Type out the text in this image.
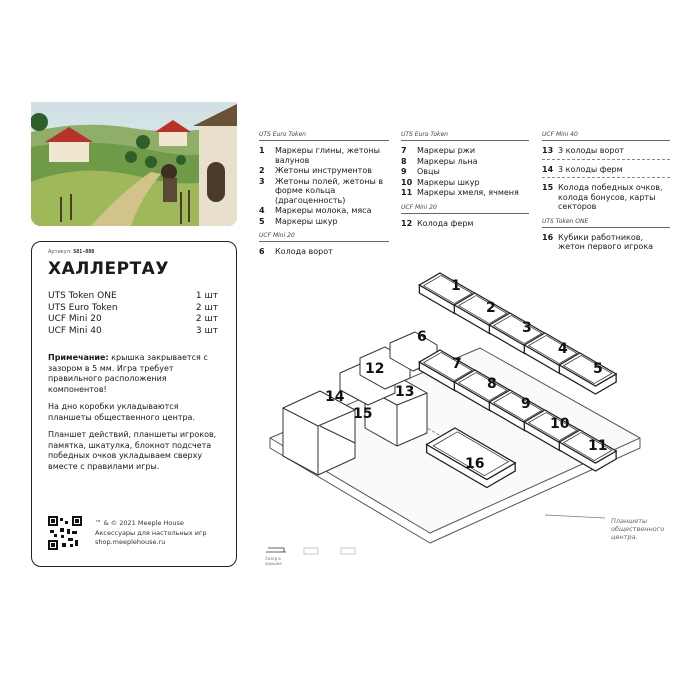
Артикул: S81-080
ХАЛЛЕРТАУ
UTS Token ONE	1 шт
UTS Euro Token	2 шт
UCF Mini 20	2 шт
UCF Mini 40	3 шт

Примечание: крышка закрывается с зазором в 5 мм. Игра требует правильного расположения компонентов!

На дно коробки укладываются планшеты общественного центра.

Планшет действий, планшеты игроков, памятка, шкатулка, блокнот подсчета победных очков укладываем сверху вместе с правилами игры.

™ & © 2021 Meeple House
Аксессуары для настольных игр
shop.meeplehouse.ru
UTS Euro Token
1	Маркеры глины, жетоны валунов
2	Жетоны инструментов
3	Жетоны полей, жетоны в форме кольца (драгоценность)
4	Маркеры молока, мяса
5	Маркеры шкур
UCF Mini 20
6	Колода ворот
UTS Euro Token
7	Маркеры ржи
8	Маркеры льна
9	Овцы
10 Маркеры шкур
11 Маркеры хмеля, ячменя
UCF Mini 20
12 Колода ферм
UCF Mini 40
13 3 колоды ворот
14 3 колоды ферм
15 Колода победных очков, колода бонусов, карты секторов
UTS Token ONE
16 Кубики работников, жетон первого игрока
1
2
3
4
5
7
8
9
10
11
16
6
12
13
14
15
Планшеты
общественного
центра.
Зазор в крышке
